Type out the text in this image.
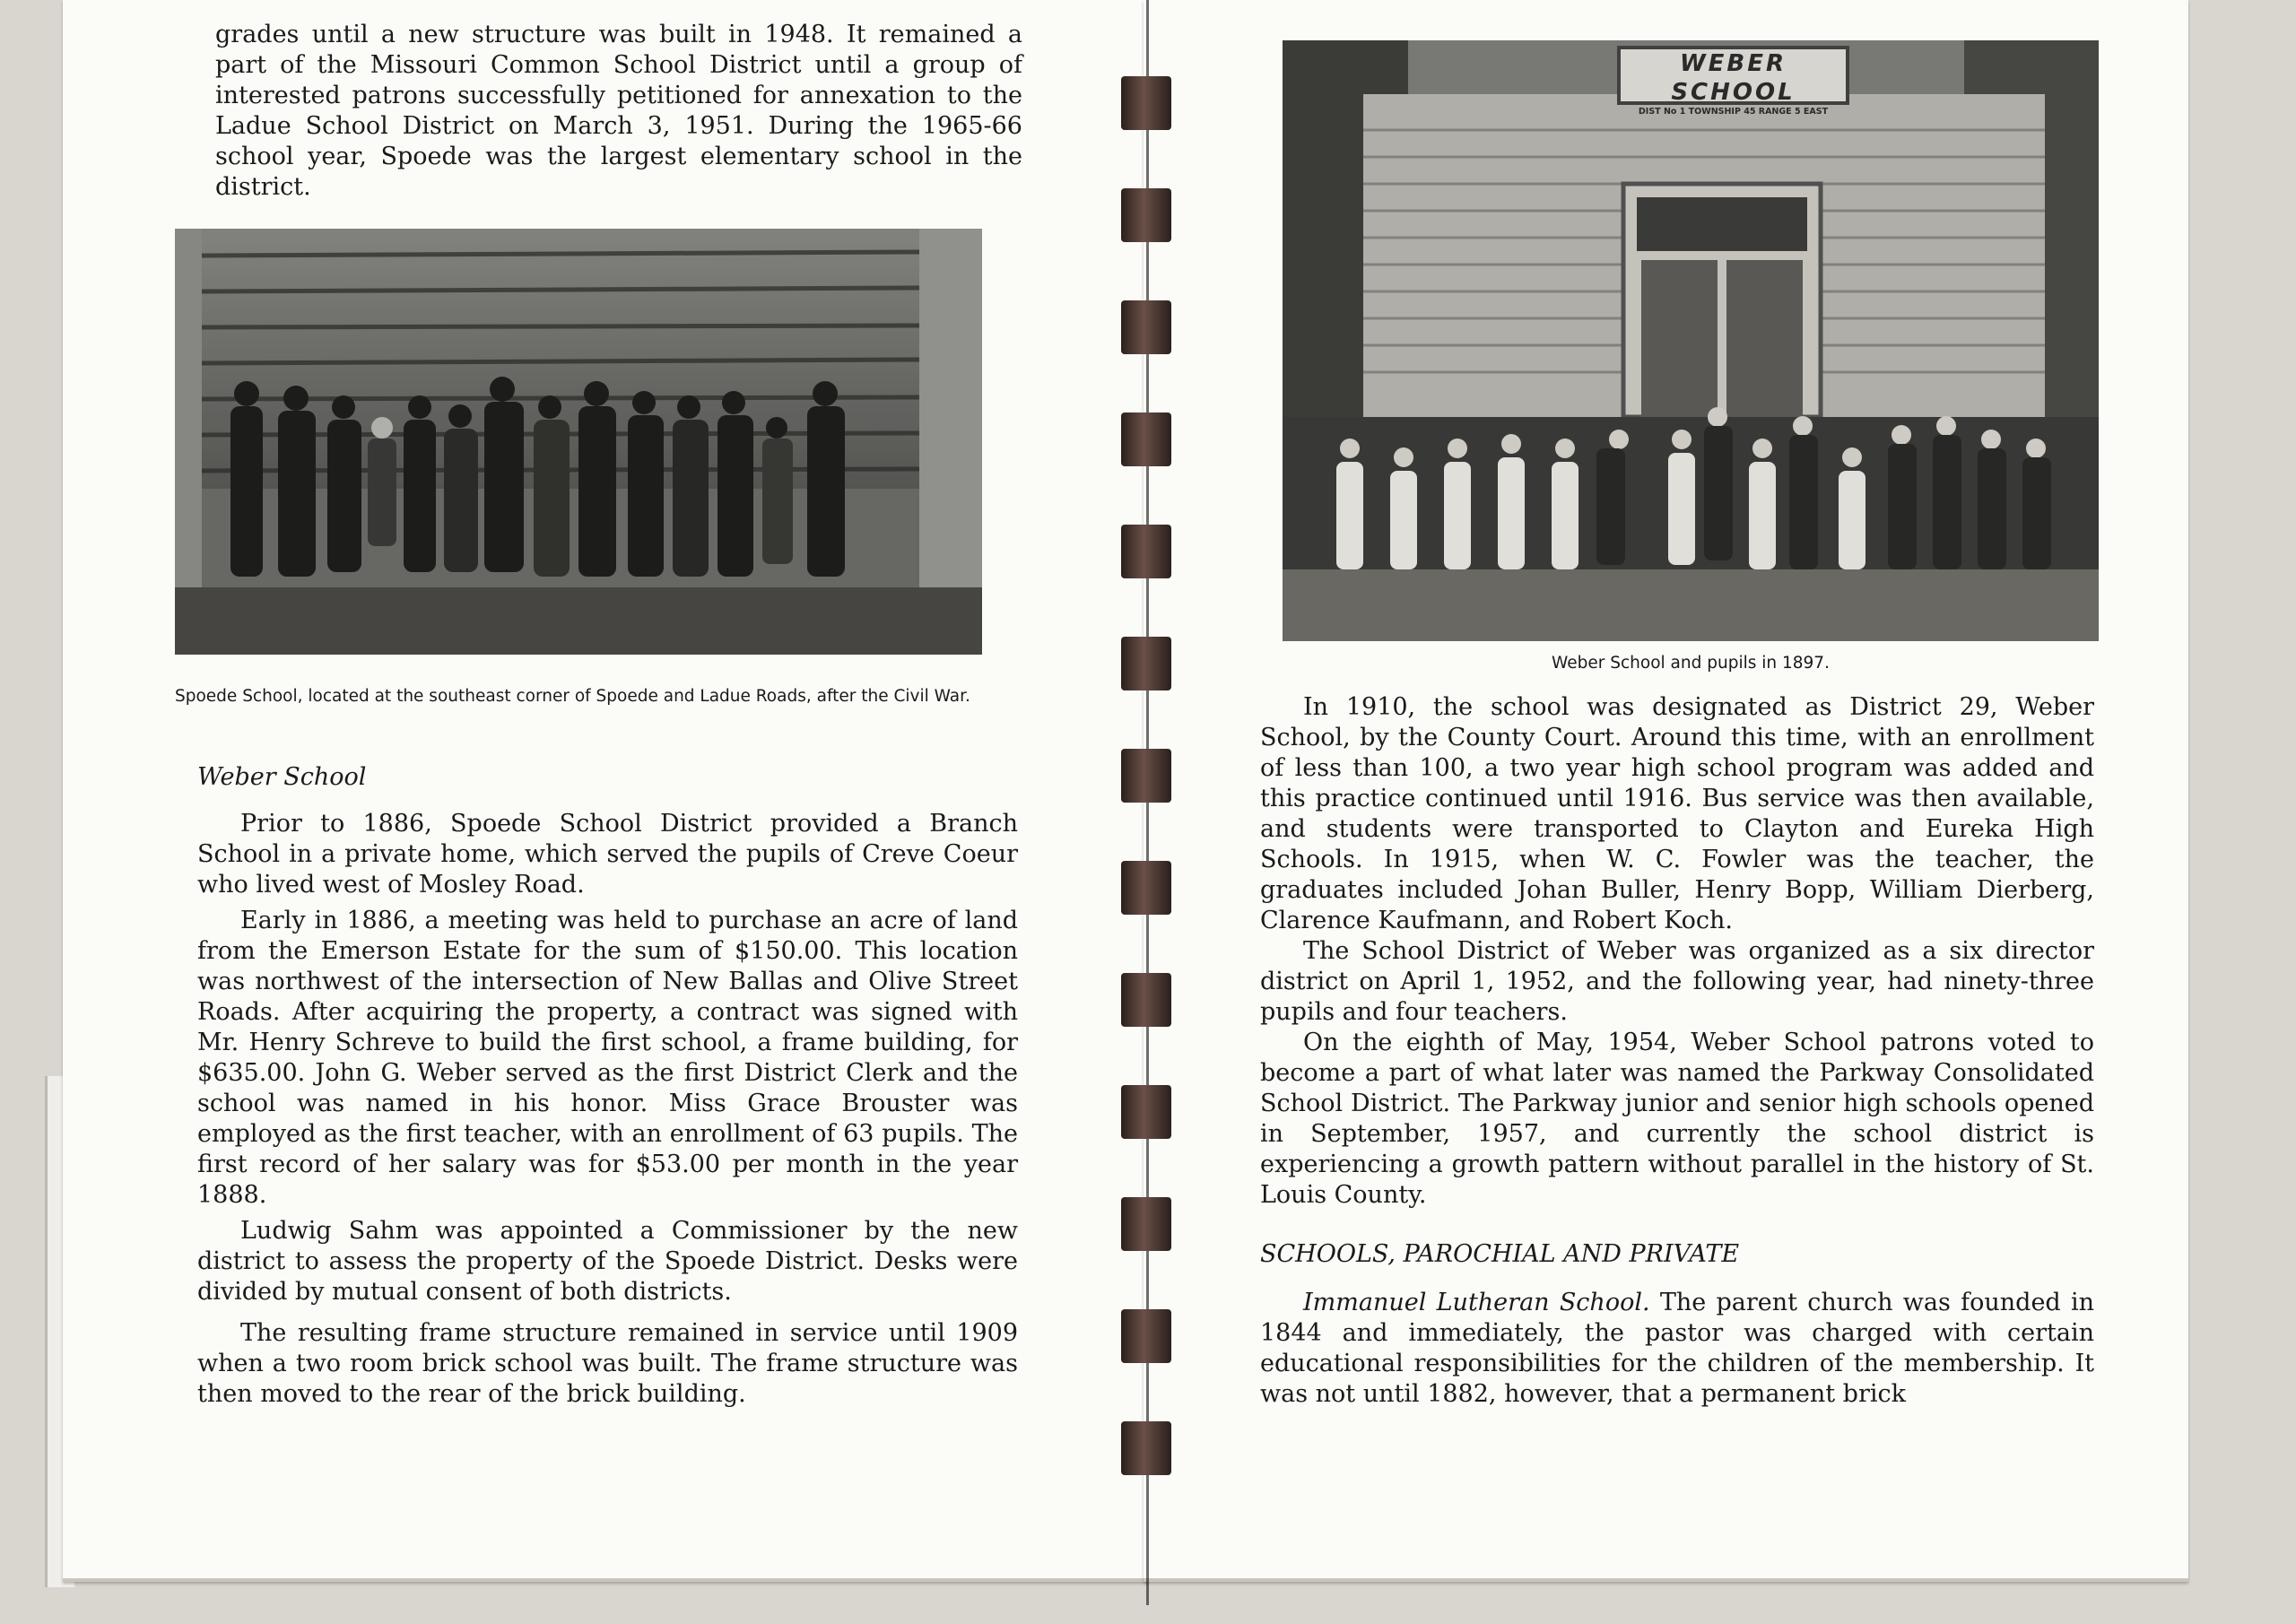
grades until a new structure was built in 1948. It remained a part of the Missouri Common School District until a group of interested patrons successfully petitioned for annexation to the Ladue School District on March 3, 1951. During the 1965-66 school year, Spoede was the largest elementary school in the district.

Spoede School, located at the southeast corner of Spoede and Ladue Roads, after the Civil War.

Weber School

Prior to 1886, Spoede School District provided a Branch School in a private home, which served the pupils of Creve Coeur who lived west of Mosley Road.

Early in 1886, a meeting was held to purchase an acre of land from the Emerson Estate for the sum of $150.00. This location was northwest of the intersection of New Ballas and Olive Street Roads. After acquiring the property, a contract was signed with Mr. Henry Schreve to build the first school, a frame building, for $635.00. John G. Weber served as the first District Clerk and the school was named in his honor. Miss Grace Brouster was employed as the first teacher, with an enrollment of 63 pupils. The first record of her salary was for $53.00 per month in the year 1888.

Ludwig Sahm was appointed a Commissioner by the new district to assess the property of the Spoede District. Desks were divided by mutual consent of both districts.

The resulting frame structure remained in service until 1909 when a two room brick school was built. The frame structure was then moved to the rear of the brick building.

WEBER SCHOOL
DIST No 1 TOWNSHIP 45 RANGE 5 EAST
Weber School and pupils in 1897.

In 1910, the school was designated as District 29, Weber School, by the County Court. Around this time, with an enrollment of less than 100, a two year high school program was added and this practice continued until 1916. Bus service was then available, and students were transported to Clayton and Eureka High Schools. In 1915, when W. C. Fowler was the teacher, the graduates included Johan Buller, Henry Bopp, William Dierberg, Clarence Kaufmann, and Robert Koch.

The School District of Weber was organized as a six director district on April 1, 1952, and the following year, had ninety-three pupils and four teachers.

On the eighth of May, 1954, Weber School patrons voted to become a part of what later was named the Parkway Consolidated School District. The Parkway junior and senior high schools opened in September, 1957, and currently the school district is experiencing a growth pattern without parallel in the history of St. Louis County.

SCHOOLS, PAROCHIAL AND PRIVATE

Immanuel Lutheran School. The parent church was founded in 1844 and immediately, the pastor was charged with certain educational responsibilities for the children of the membership. It was not until 1882, however, that a permanent brick
